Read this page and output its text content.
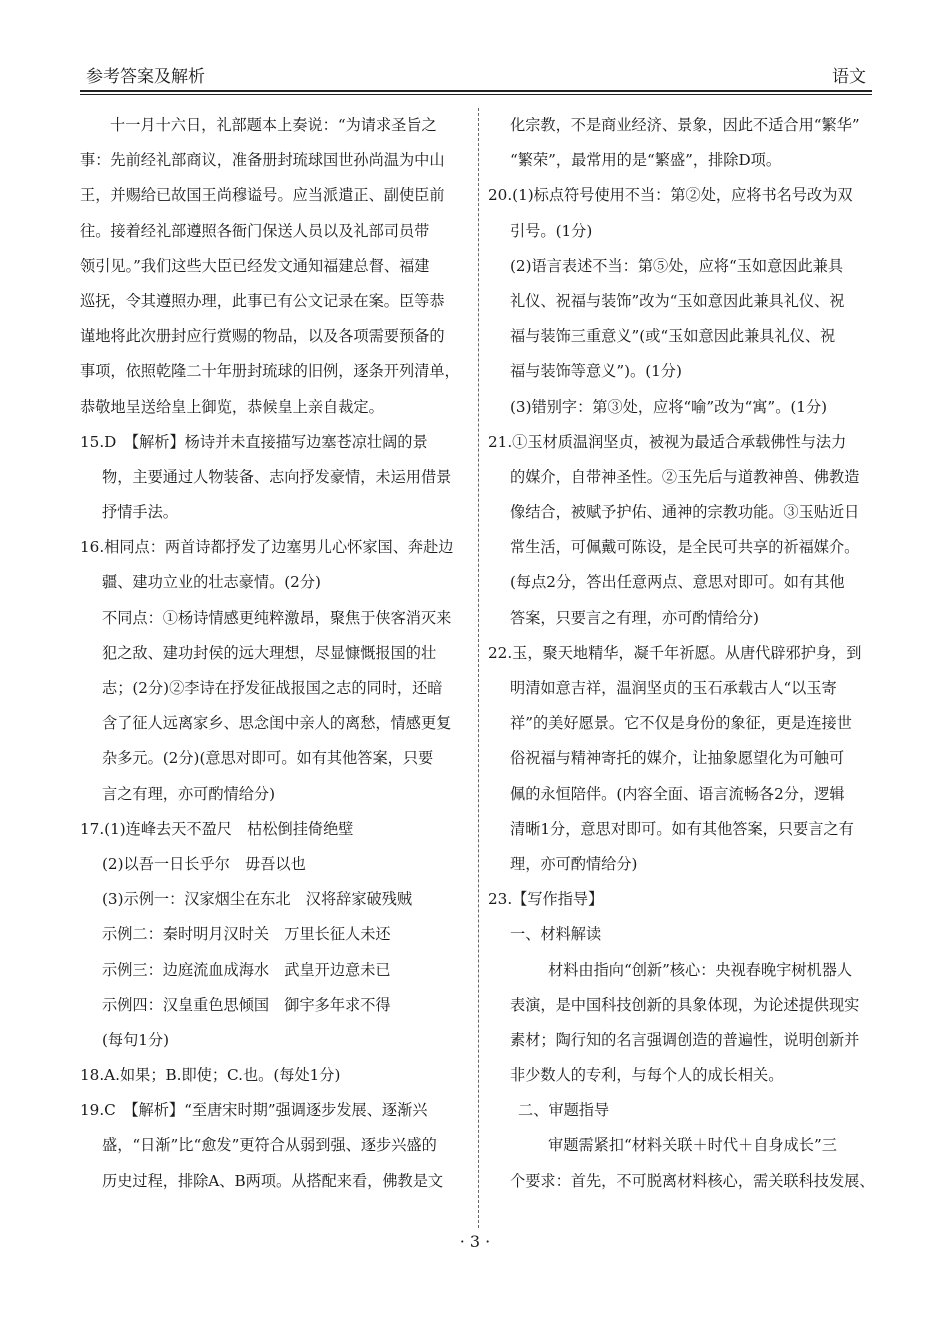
参考答案及解析	语文
十一月十六日，礼部题本上奏说：“为请求圣旨之
事：先前经礼部商议，准备册封琉球国世孙尚温为中山
王，并赐给已故国王尚穆谥号。应当派遣正、副使臣前
往。接着经礼部遵照各衙门保送人员以及礼部司员带
领引见。”我们这些大臣已经发文通知福建总督、福建
巡抚，令其遵照办理，此事已有公文记录在案。臣等恭
谨地将此次册封应行赏赐的物品，以及各项需要预备的
事项，依照乾隆二十年册封琉球的旧例，逐条开列清单，
恭敬地呈送给皇上御览，恭候皇上亲自裁定。
15.D　【解析】杨诗并未直接描写边塞苍凉壮阔的景
物，主要通过人物装备、志向抒发豪情，未运用借景
抒情手法。
16.相同点：两首诗都抒发了边塞男儿心怀家国、奔赴边
疆、建功立业的壮志豪情。(2分)
不同点：①杨诗情感更纯粹激昂，聚焦于侠客消灭来
犯之敌、建功封侯的远大理想，尽显慷慨报国的壮
志；(2分)②李诗在抒发征战报国之志的同时，还暗
含了征人远离家乡、思念闺中亲人的离愁，情感更复
杂多元。(2分)(意思对即可。如有其他答案，只要
言之有理，亦可酌情给分)
17.(1)连峰去天不盈尺　枯松倒挂倚绝壁
(2)以吾一日长乎尔　毋吾以也
(3)示例一：汉家烟尘在东北　汉将辞家破残贼
示例二：秦时明月汉时关　万里长征人未还
示例三：边庭流血成海水　武皇开边意未已
示例四：汉皇重色思倾国　御宇多年求不得
(每句1分)
18.A.如果；B.即使；C.也。(每处1分)
19.C　【解析】“至唐宋时期”强调逐步发展、逐渐兴
盛，“日渐”比“愈发”更符合从弱到强、逐步兴盛的
历史过程，排除A、B两项。从搭配来看，佛教是文
化宗教，不是商业经济、景象，因此不适合用“繁华”
“繁荣”，最常用的是“繁盛”，排除D项。
20.(1)标点符号使用不当：第②处，应将书名号改为双
引号。(1分)
(2)语言表述不当：第⑤处，应将“玉如意因此兼具
礼仪、祝福与装饰”改为“玉如意因此兼具礼仪、祝
福与装饰三重意义”(或“玉如意因此兼具礼仪、祝
福与装饰等意义”)。(1分)
(3)错别字：第③处，应将“喻”改为“寓”。(1分)
21.①玉材质温润坚贞，被视为最适合承载佛性与法力
的媒介，自带神圣性。②玉先后与道教神兽、佛教造
像结合，被赋予护佑、通神的宗教功能。③玉贴近日
常生活，可佩戴可陈设，是全民可共享的祈福媒介。
(每点2分，答出任意两点、意思对即可。如有其他
答案，只要言之有理，亦可酌情给分)
22.玉，聚天地精华，凝千年祈愿。从唐代辟邪护身，到
明清如意吉祥，温润坚贞的玉石承载古人“以玉寄
祥”的美好愿景。它不仅是身份的象征，更是连接世
俗祝福与精神寄托的媒介，让抽象愿望化为可触可
佩的永恒陪伴。(内容全面、语言流畅各2分，逻辑
清晰1分，意思对即可。如有其他答案，只要言之有
理，亦可酌情给分)
23.【写作指导】
一、材料解读
材料由指向“创新”核心：央视春晚宇树机器人
表演，是中国科技创新的具象体现，为论述提供现实
素材；陶行知的名言强调创造的普遍性，说明创新并
非少数人的专利，与每个人的成长相关。
二、审题指导
审题需紧扣“材料关联＋时代＋自身成长”三
个要求：首先，不可脱离材料核心，需关联科技发展、
· 3 ·
